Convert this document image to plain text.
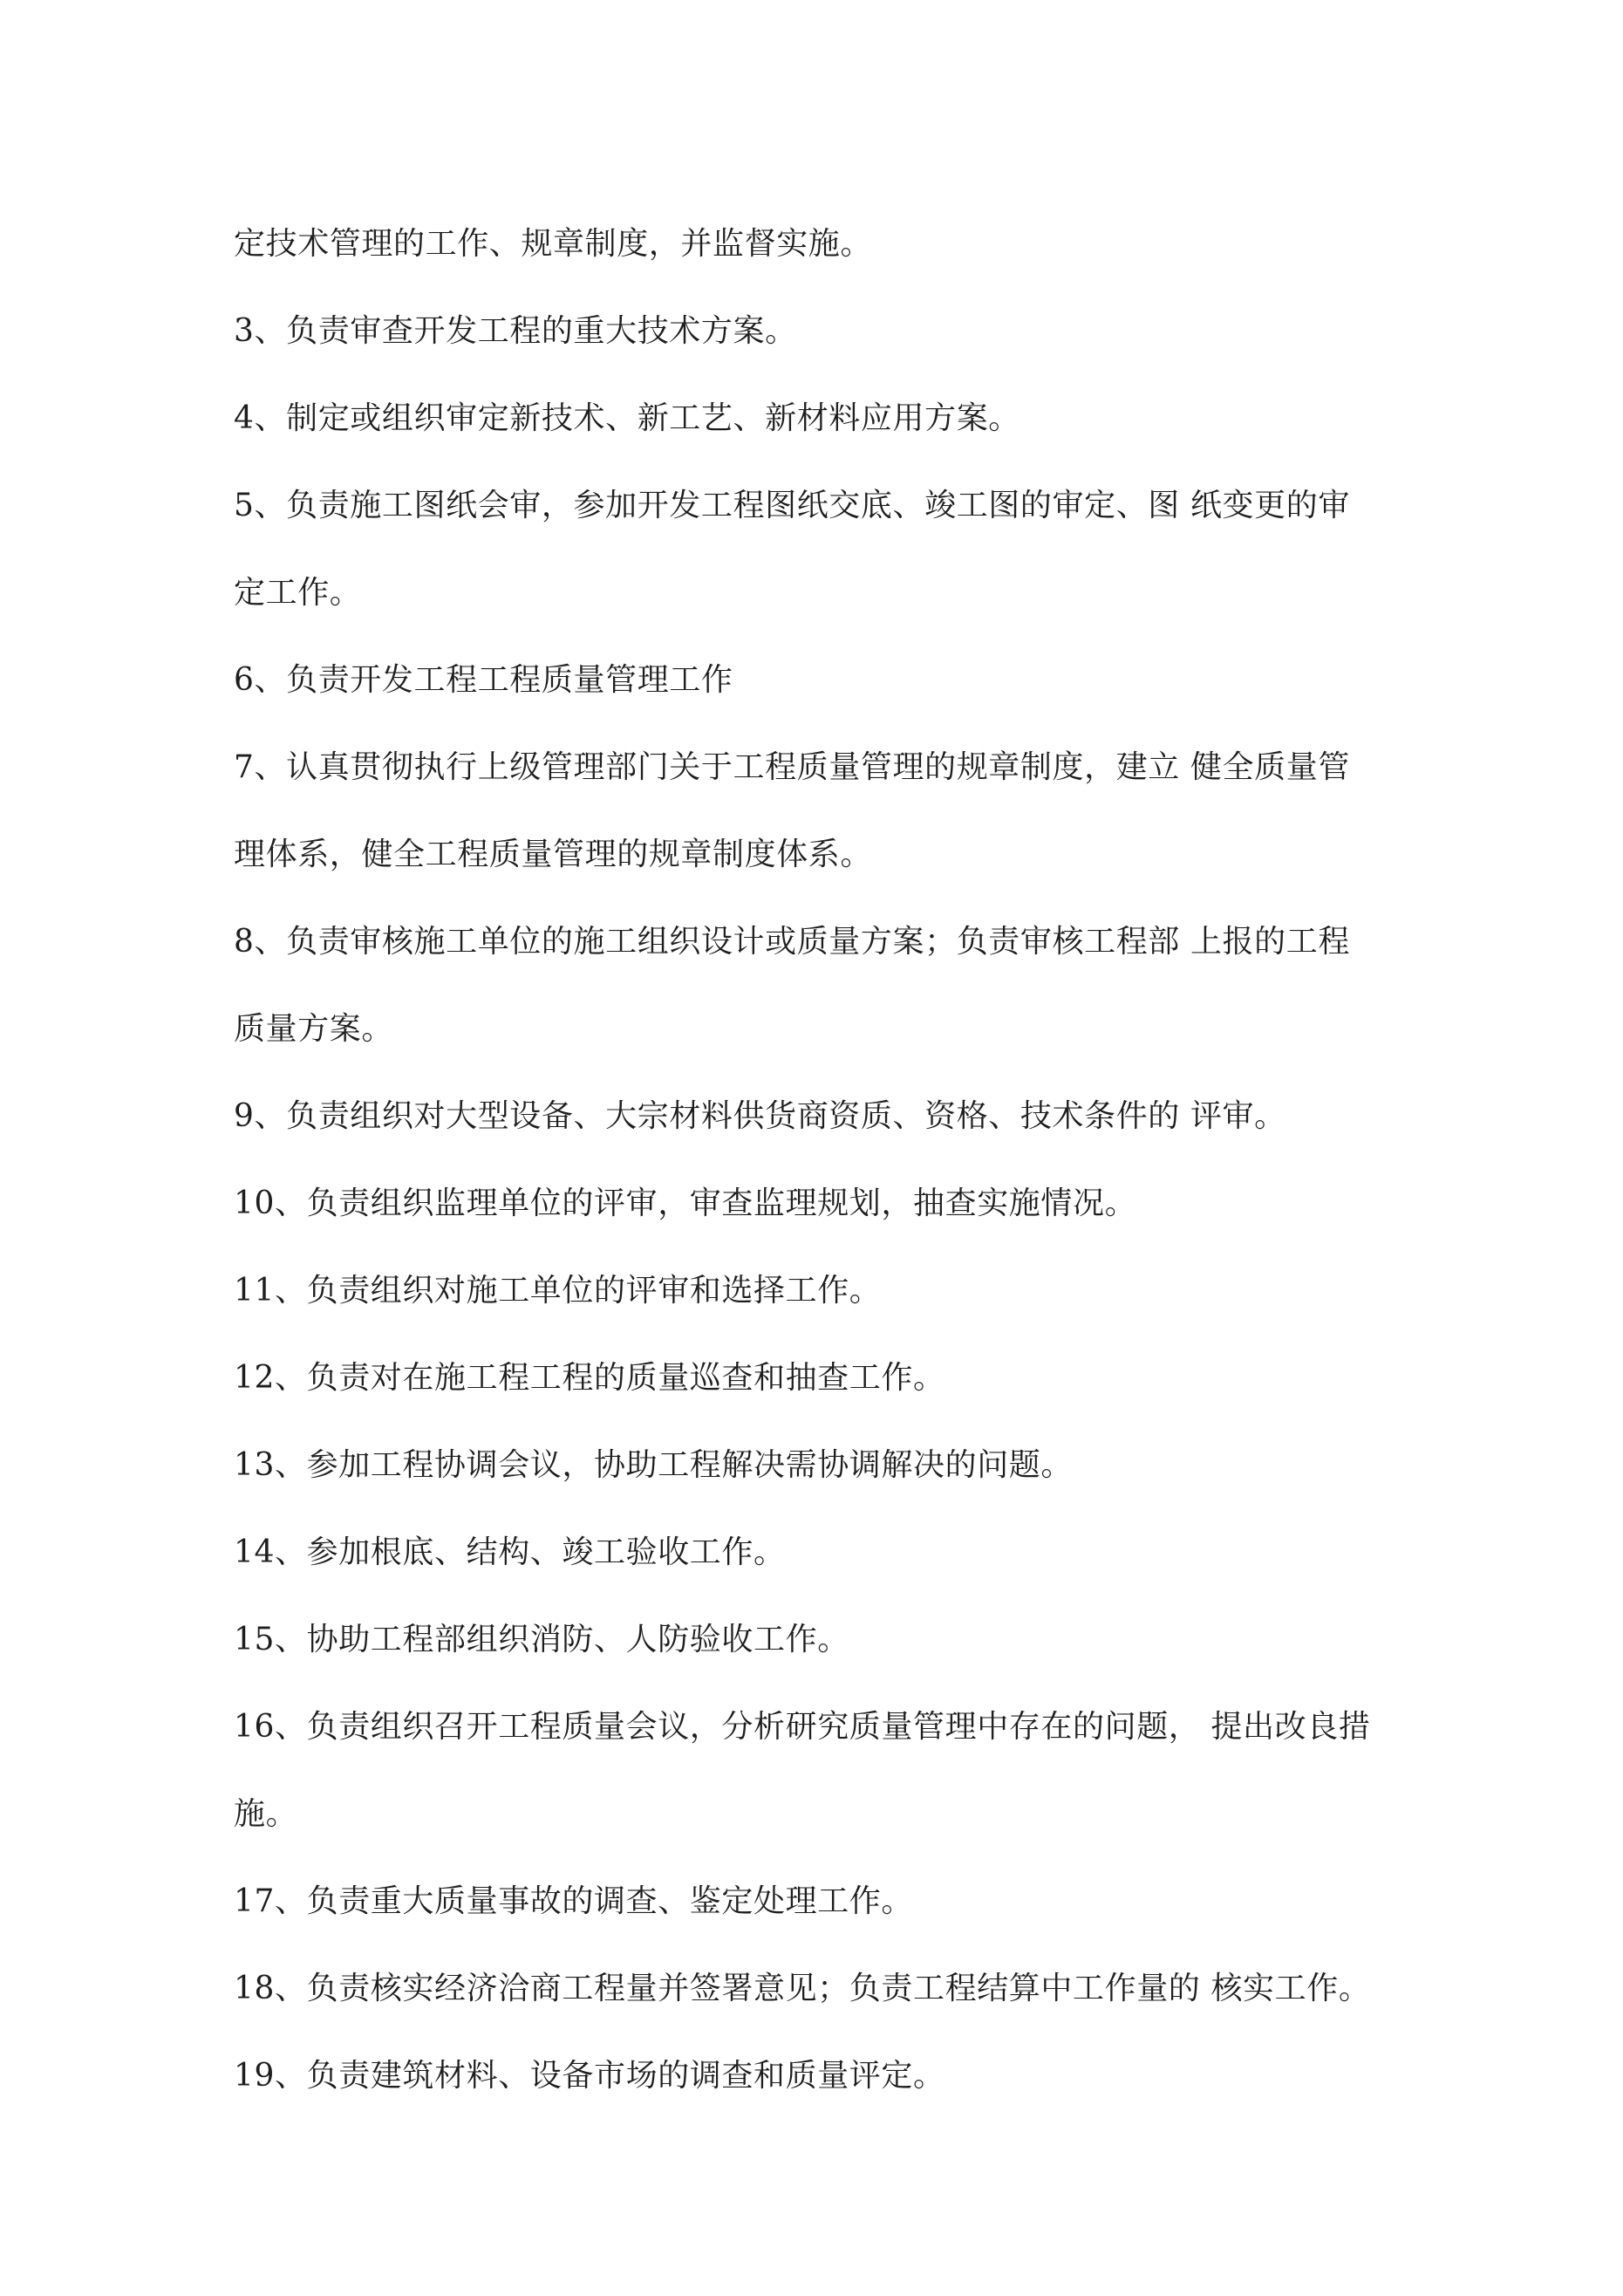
定技术管理的工作、规章制度，并监督实施。
3、负责审查开发工程的重大技术方案。
4、制定或组织审定新技术、新工艺、新材料应用方案。
5、负责施工图纸会审，参加开发工程图纸交底、竣工图的审定、图 纸变更的审
定工作。
6、负责开发工程工程质量管理工作
7、认真贯彻执行上级管理部门关于工程质量管理的规章制度，建立 健全质量管
理体系，健全工程质量管理的规章制度体系。
8、负责审核施工单位的施工组织设计或质量方案；负责审核工程部 上报的工程
质量方案。
9、负责组织对大型设备、大宗材料供货商资质、资格、技术条件的 评审。
10、负责组织监理单位的评审，审查监理规划，抽查实施情况。
11、负责组织对施工单位的评审和选择工作。
12、负责对在施工程工程的质量巡查和抽查工作。
13、参加工程协调会议，协助工程解决需协调解决的问题。
14、参加根底、结构、竣工验收工作。
15、协助工程部组织消防、人防验收工作。
16、负责组织召开工程质量会议，分析研究质量管理中存在的问题， 提出改良措
施。
17、负责重大质量事故的调查、鉴定处理工作。
18、负责核实经济洽商工程量并签署意见；负责工程结算中工作量的 核实工作。
19、负责建筑材料、设备市场的调查和质量评定。
